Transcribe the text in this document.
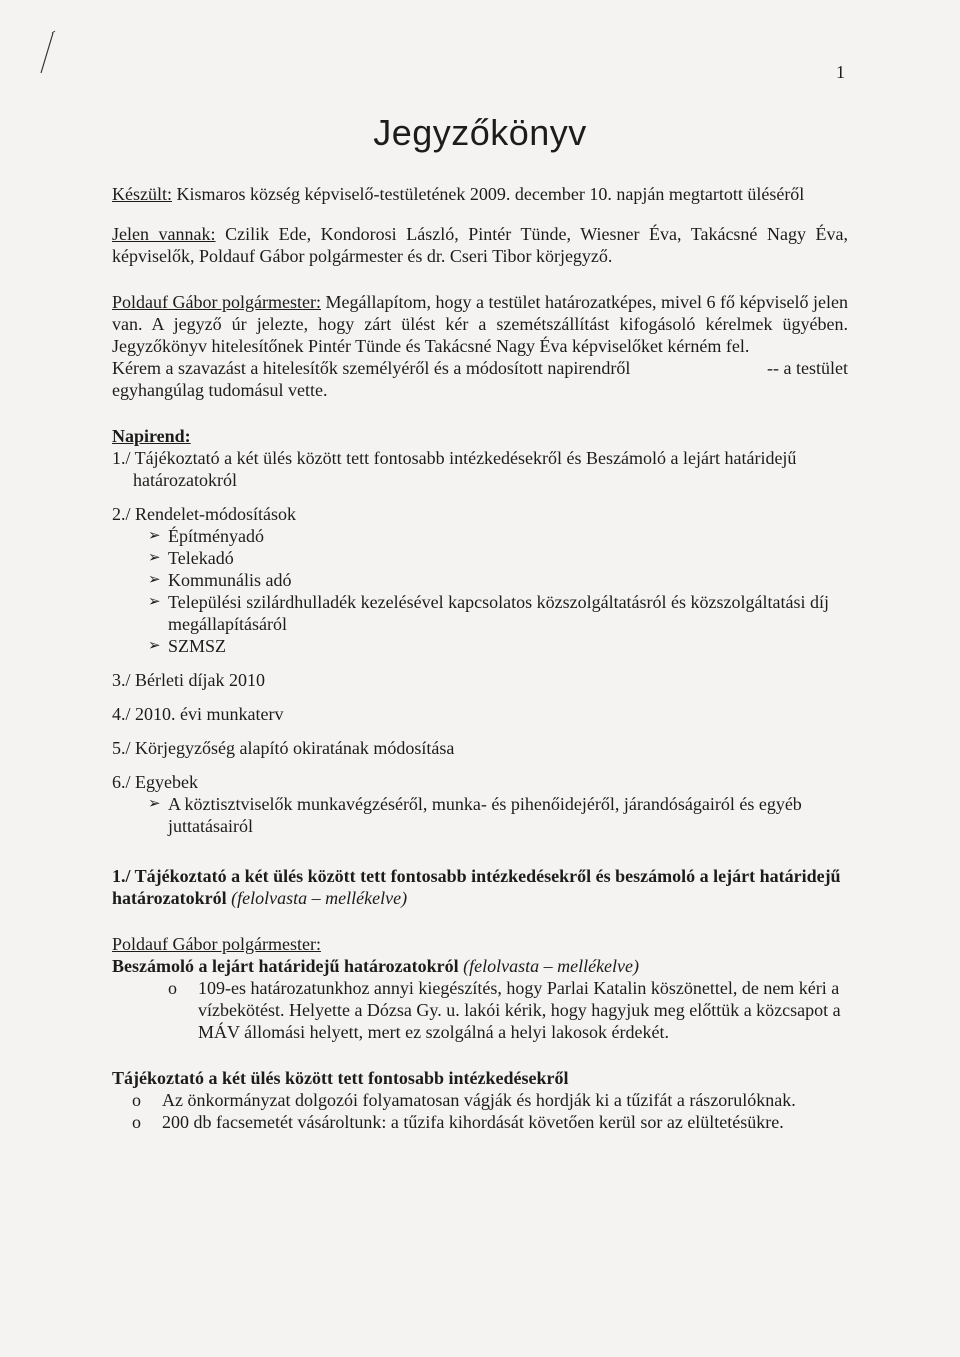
1
Jegyzőkönyv

Készült: Kismaros község képviselő-testületének 2009. december 10. napján megtartott üléséről

Jelen vannak: Czilik Ede, Kondorosi László, Pintér Tünde, Wiesner Éva, Takácsné Nagy Éva, képviselők, Poldauf Gábor polgármester és dr. Cseri Tibor körjegyző.

Poldauf Gábor polgármester: Megállapítom, hogy a testület határozatképes, mivel 6 fő képviselő jelen van. A jegyző úr jelezte, hogy zárt ülést kér a szemétszállítást kifogásoló kérelmek ügyében. Jegyzőkönyv hitelesítőnek Pintér Tünde és Takácsné Nagy Éva képviselőket kérném fel.

Kérem a szavazást a hitelesítők személyéről és a módosított napirendről	-- a testület

egyhangúlag tudomásul vette.

Napirend:

1./ Tájékoztató a két ülés között tett fontosabb intézkedésekről és Beszámoló a lejárt határidejű határozatokról

2./ Rendelet-módosítások

➢ Építményadó
➢ Telekadó
➢ Kommunális adó
➢ Települési szilárdhulladék kezelésével kapcsolatos közszolgáltatásról és közszolgáltatási díj megállapításáról
➢ SZMSZ

3./ Bérleti díjak 2010

4./ 2010. évi munkaterv

5./ Körjegyzőség alapító okiratának módosítása

6./ Egyebek

➢ A köztisztviselők munkavégzéséről, munka- és pihenőidejéről, járandóságairól és egyéb juttatásairól

1./ Tájékoztató a két ülés között tett fontosabb intézkedésekről és beszámoló a lejárt határidejű határozatokról (felolvasta – mellékelve)

Poldauf Gábor polgármester:

Beszámoló a lejárt határidejű határozatokról (felolvasta – mellékelve)

o 109-es határozatunkhoz annyi kiegészítés, hogy Parlai Katalin köszönettel, de nem kéri a vízbekötést. Helyette a Dózsa Gy. u. lakói kérik, hogy hagyjuk meg előttük a közcsapot a MÁV állomási helyett, mert ez szolgálná a helyi lakosok érdekét.

Tájékoztató a két ülés között tett fontosabb intézkedésekről

o Az önkormányzat dolgozói folyamatosan vágják és hordják ki a tűzifát a rászorulóknak.
o 200 db facsemetét vásároltunk: a tűzifa kihordását követően kerül sor az elültetésükre.
